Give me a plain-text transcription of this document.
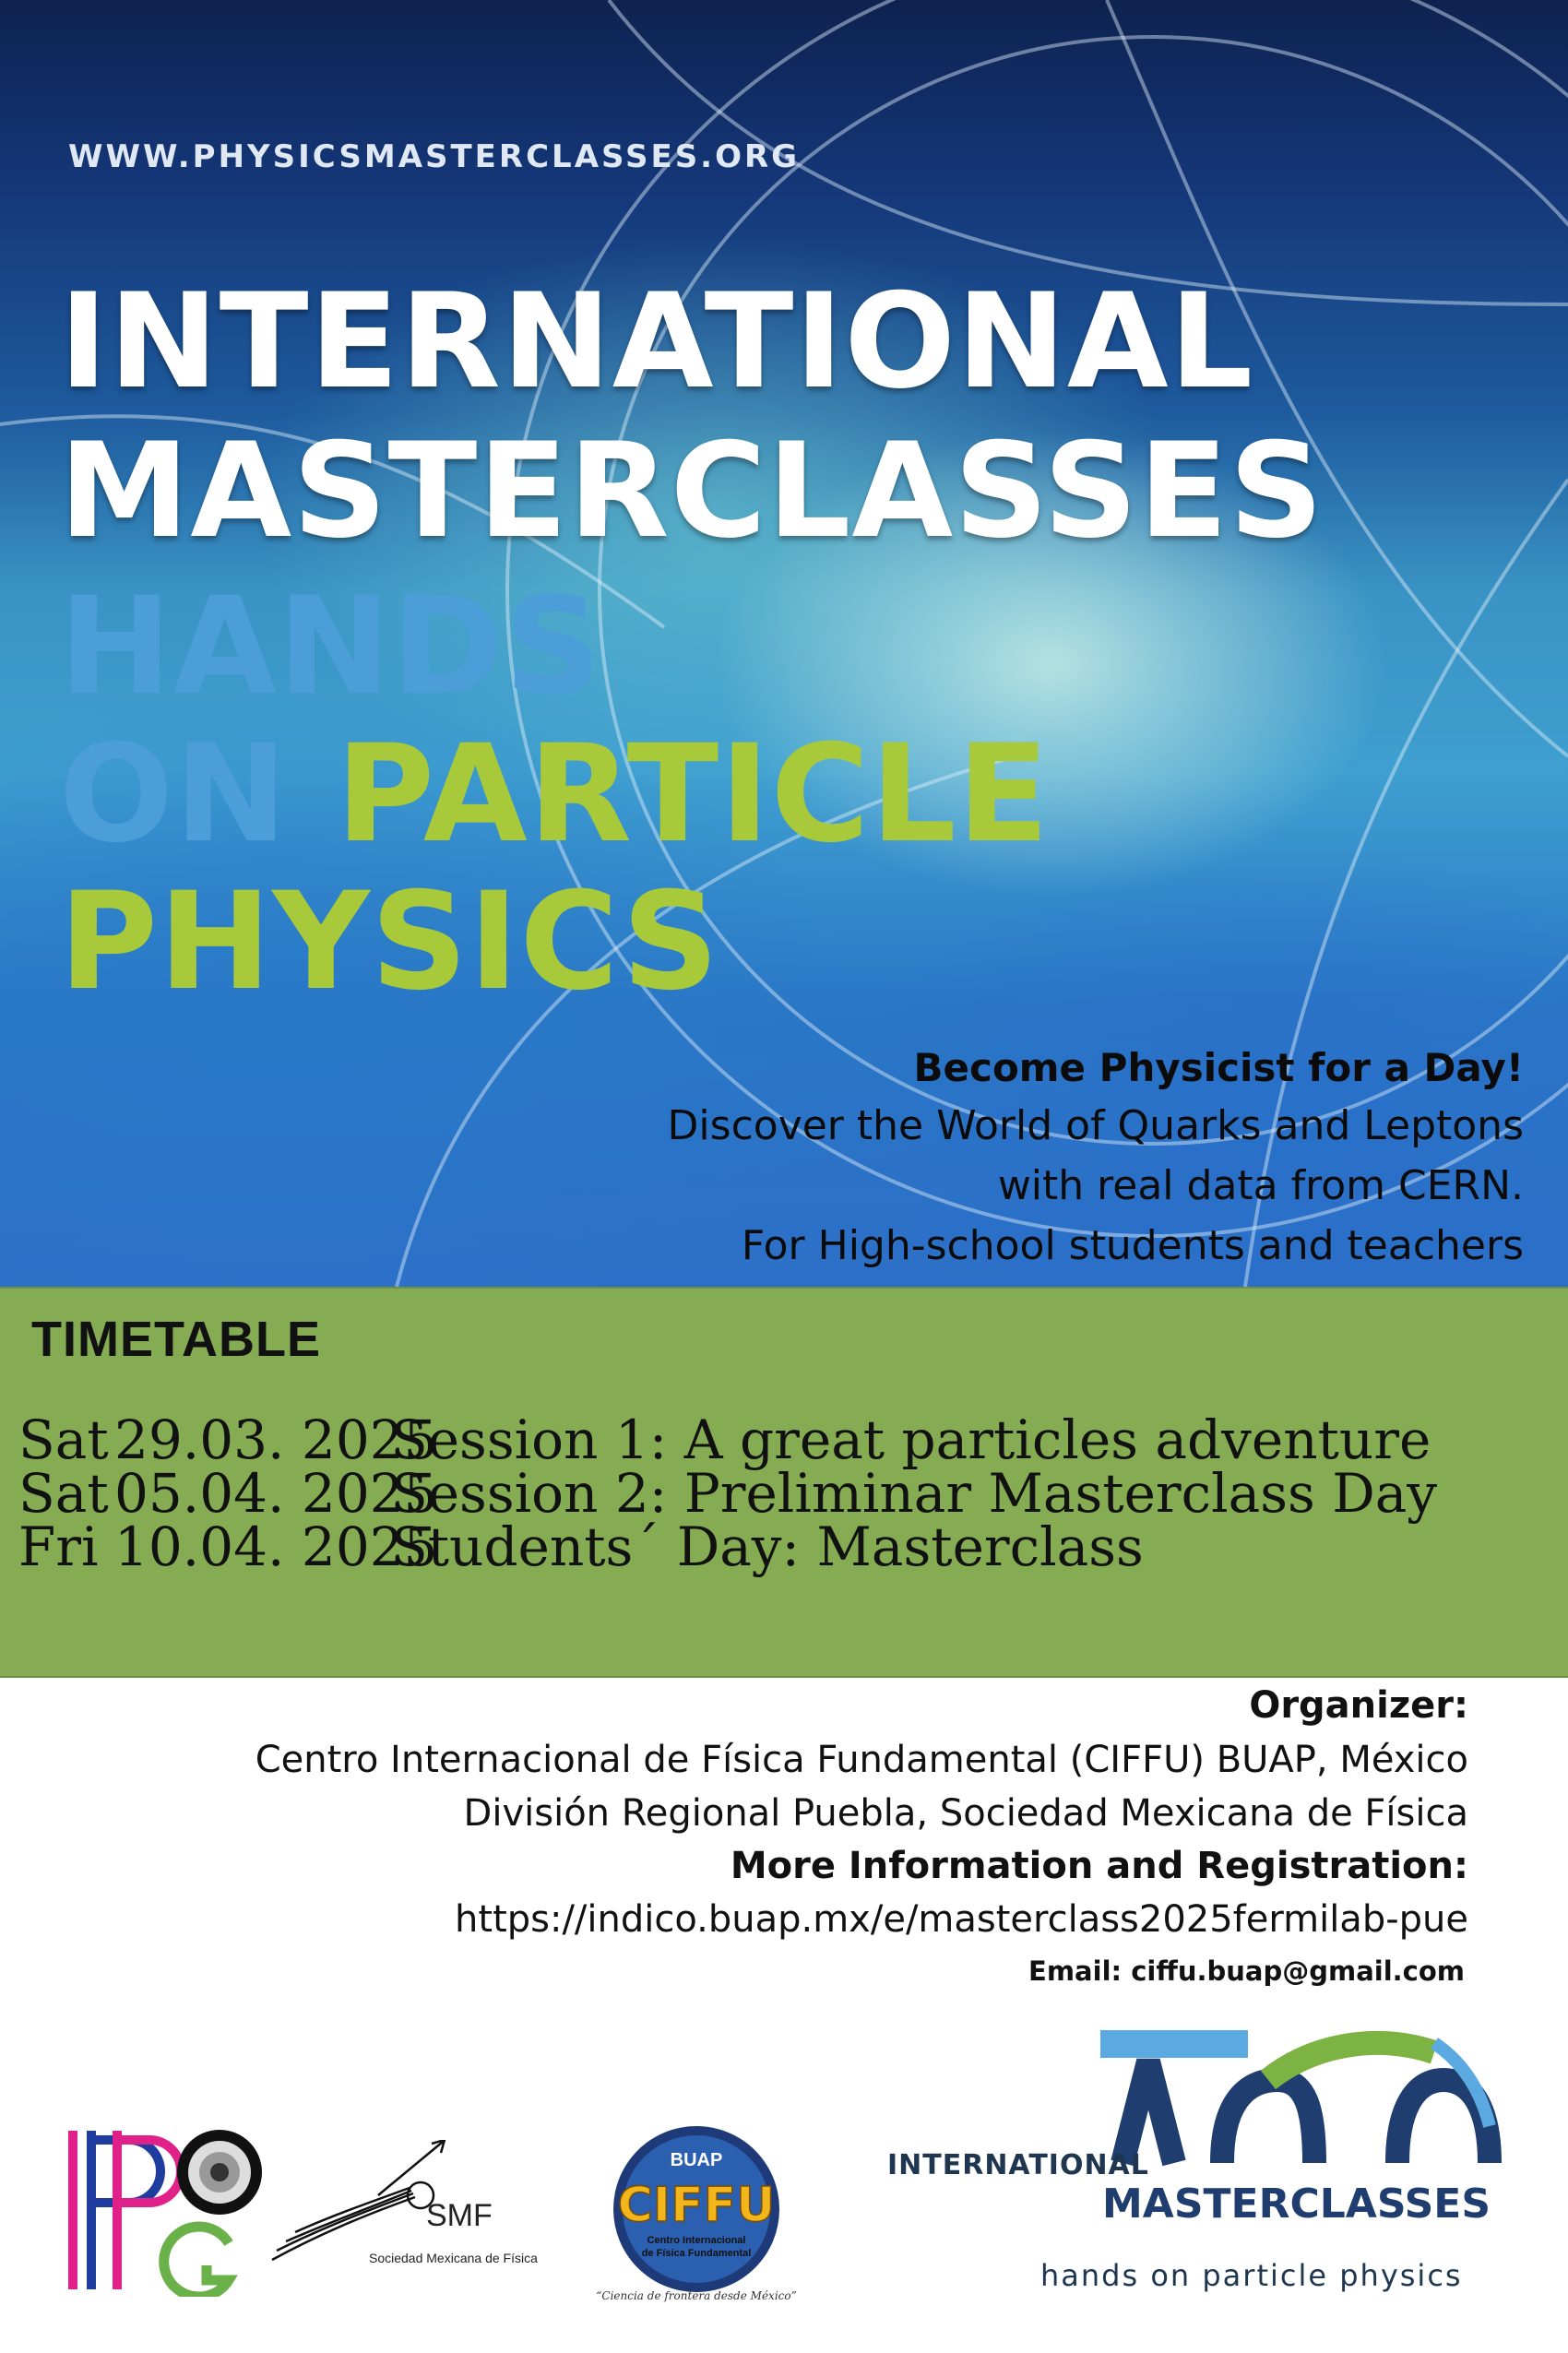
WWW.PHYSICSMASTERCLASSES.ORG
INTERNATIONAL
MASTERCLASSES
HANDS
ON PARTICLE
PHYSICS
Become Physicist for a Day!
Discover the World of Quarks and Leptons
with real data from CERN.
For High-school students and teachers
TIMETABLE
Sat 29.03. 2025Session 1: A great particles adventure
Sat 05.04. 2025Session 2: Preliminar Masterclass Day
Fri 10.04. 2025Students´ Day: Masterclass
Organizer:
Centro Internacional de Física Fundamental (CIFFU) BUAP, México
División Regional Puebla, Sociedad Mexicana de Física
More Information and Registration:
https://indico.buap.mx/e/masterclass2025fermilab-pue
Email: ciffu.buap@gmail.com
SMF
Sociedad Mexicana de Física
BUAP
CIFFU
Centro Internacional
de Física Fundamental
“Ciencia de frontera desde México”
INTERNATIONAL
MASTERCLASSES
hands on particle physics
